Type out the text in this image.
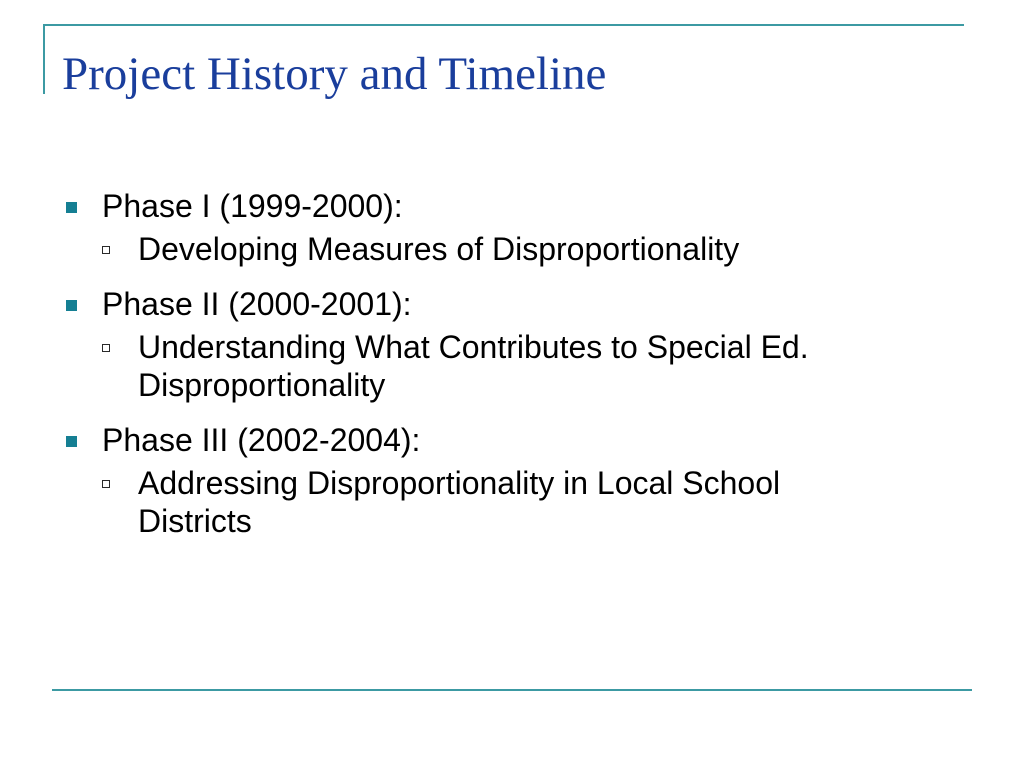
Project History and Timeline
Phase I (1999-2000):
Developing Measures of Disproportionality
Phase II (2000-2001):
Understanding What Contributes to Special Ed. Disproportionality
Phase III (2002-2004):
Addressing Disproportionality in Local School Districts
